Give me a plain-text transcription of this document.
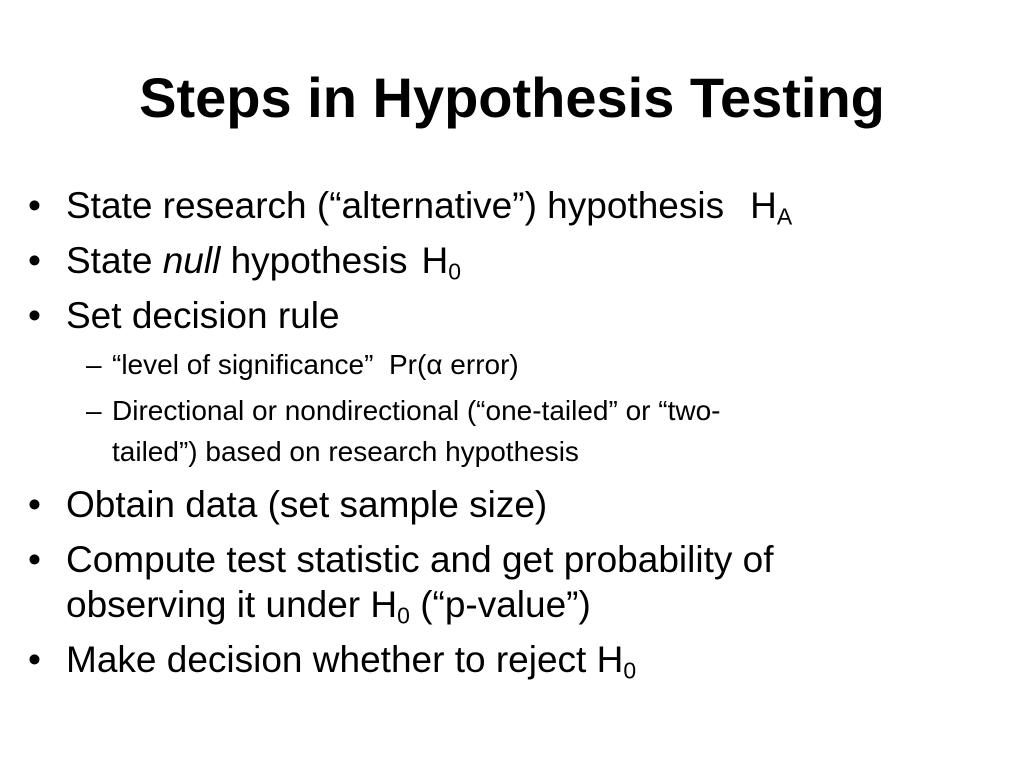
Steps in Hypothesis Testing
• State research (“alternative”) hypothesis $H_A$
• State null hypothesis $H_0$
• Set decision rule
– “level of significance”  Pr(α error)
– Directional or nondirectional (“one-tailed” or “two-
tailed”) based on research hypothesis
• Obtain data (set sample size)
• Compute test statistic and get probability of
observing it under $H_0$ (“p-value”)
• Make decision whether to reject $H_0$
